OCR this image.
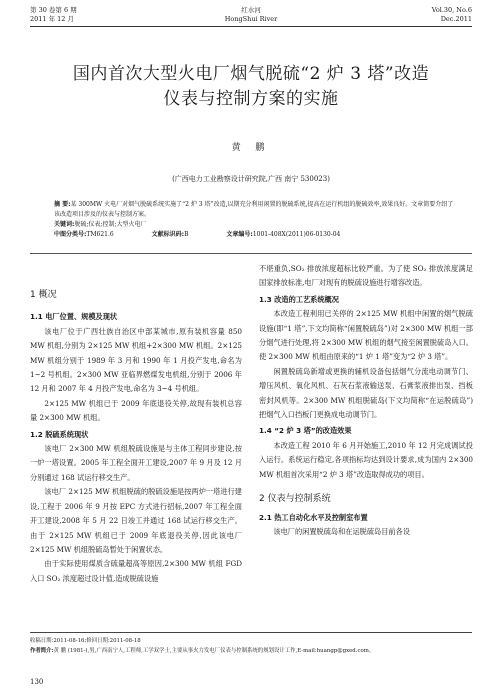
第 30 卷第 6 期
2011 年 12 月
红水河
HongShui River
Vol.30, No.6
Dec.2011
国内首次大型火电厂烟气脱硫“2 炉 3 塔”改造
仪表与控制方案的实施
黄 鹏
(广西电力工业勘察设计研究院,广西 南宁 530023)

摘 要:某 300MW 火电厂对烟气脱硫系统实施了“2 炉 3 塔”改造,以期充分利用闲置的脱硫系统,提高在运行机组的脱硫效率,效果良好。文章简要介绍了该改造项目涉及的仪表与控制方案。

关键词:脱硫;仪表;控制;大型火电厂

中图分类号:TM621.6	文献标识码:B	文章编号:1001-408X(2011)06-0130-04

1 概况
1.1 电厂位置、规模及现状

该电厂位于广西壮族自治区中部某城市,原有装机容量 850 MW 机组,分别为 2×125 MW 机组+2×300 MW 机组。2×125 MW 机组分别于 1989 年 3 月和 1990 年 1 月投产发电,命名为 1~2 号机组。2×300 MW 亚临界燃煤发电机组,分别于 2006 年 12 月和 2007 年 4 月投产发电,命名为 3~4 号机组。

2×125 MW 机组已于 2009 年底退役关停,故现有装机总容量 2×300 MW 机组。

1.2 脱硫系统现状

该电厂 2×300 MW 机组脱硫设施是与主体工程同步建设,按一炉一塔设置。2005 年工程全面开工建设,2007 年 9 月及 12 月分别通过 168 试运行移交生产。

该电厂 2×125 MW 机组脱硫的脱硫设施是按两炉一塔进行建设,工程于 2006 年 9 月按 EPC 方式进行招标,2007 年工程全面开工建设,2008 年 5 月 22 日竣工并通过 168 试运行移交生产。由于 2×125 MW 机组已于 2009 年底退役关停,因此该电厂 2×125 MW 机组脱硫岛暂处于闲置状态。

由于实际使用煤质含硫量超高等原因,2×300 MW 机组 FGD 入口 SO₂ 浓度超过设计值,造成脱硫设施

不堪重负,SO₂ 排放浓度超标比较严重。为了使 SO₂ 排放浓度满足国家排放标准,电厂对现有的脱硫设施进行增容改造。

1.3 改造的工艺系统概况

本改造工程利用已关停的 2×125 MW 机组中闲置的烟气脱硫设施(即“1 塔”,下文均简称“闲置脱硫岛”)对 2×300 MW 机组一部分烟气进行处理,将 2×300 MW 机组的烟气接至闲置脱硫岛入口。使 2×300 MW 机组由原来的“1 炉 1 塔”变为“2 炉 3 塔”。

闲置脱硫岛新增或更换的辅机设备包括烟气分流电动调节门、增压风机、氧化风机、石灰石浆液输送泵、石膏浆液排出泵、挡板密封风机等。2×300 MW 机组脱硫岛(下文均简称“在运脱硫岛”)把烟气入口挡板门更换成电动调节门。

1.4 “2 炉 3 塔”的改造效果

本改造工程 2010 年 6 月开始施工,2010 年 12 月完成调试投入运行。系统运行稳定,各项指标均达到设计要求,成为国内 2×300 MW 机组首次采用“2 炉 3 塔”改造取得成功的项目。

2 仪表与控制系统
2.1 热工自动化水平及控制室布置

该电厂的闲置脱硫岛和在运脱硫岛目前各设

收稿日期:2011-08-16;修回日期:2011-08-18

作者简介:黄 鹏 (1981-),男,广西南宁人,工程师,工学双学士,主要从事火力发电厂仪表与控制系统的规划设计工作,E-mail:huangp@gxed.com。

130
